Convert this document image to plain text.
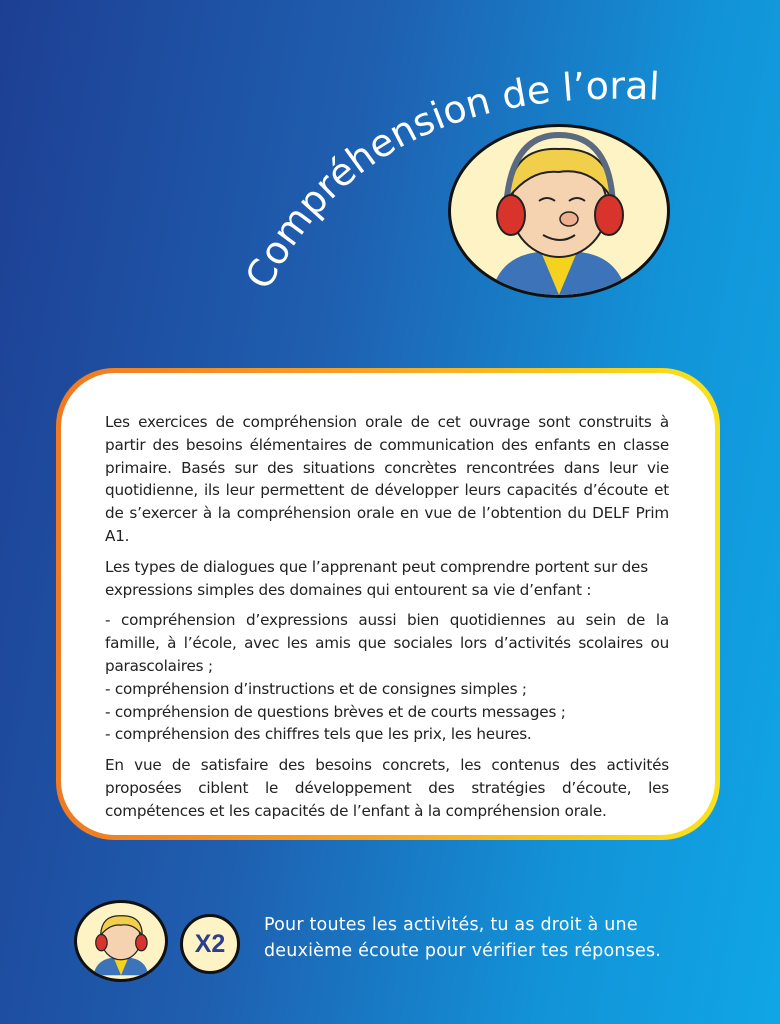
Compréhension de l’oral

Les exercices de compréhension orale de cet ouvrage sont construits à partir des besoins élémentaires de communication des enfants en classe primaire. Basés sur des situations concrètes rencontrées dans leur vie quotidienne, ils leur permettent de développer leurs capacités d’écoute et de s’exercer à la compréhension orale en vue de l’obtention du DELF Prim A1.

Les types de dialogues que l’apprenant peut comprendre portent sur des expressions simples des domaines qui entourent sa vie d’enfant :

- compréhension d’expressions aussi bien quotidiennes au sein de la famille, à l’école, avec les amis que sociales lors d’activités scolaires ou parascolaires ;
- compréhension d’instructions et de consignes simples ;
- compréhension de questions brèves et de courts messages ;
- compréhension des chiffres tels que les prix, les heures.

En vue de satisfaire des besoins concrets, les contenus des activités proposées ciblent le développement des stratégies d’écoute, les compétences et les capacités de l’enfant à la compréhension orale.

X2
Pour toutes les activités, tu as droit à une
deuxième écoute pour vérifier tes réponses.
